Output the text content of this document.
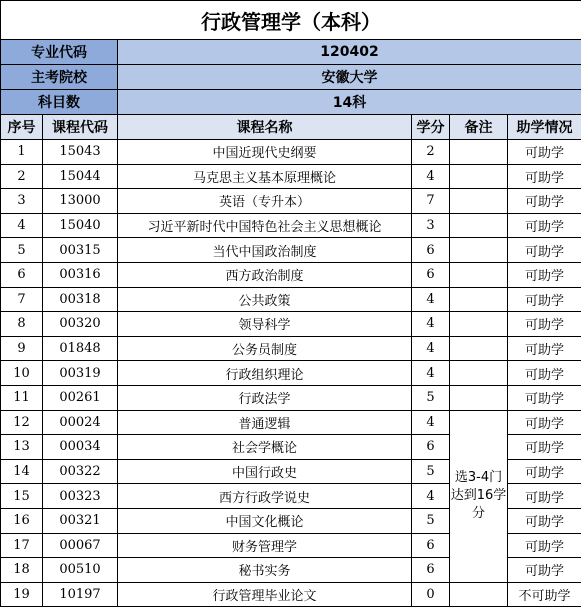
行政管理学（本科）					
专业代码		120402			
主考院校		安徽大学			
科目数		14科			
序号	课程代码	课程名称	学分	备注	助学情况
1	15043	中国近现代史纲要	2		可助学
2	15044	马克思主义基本原理概论	4		可助学
3	13000	英语（专升本）	7		可助学
4	15040	习近平新时代中国特色社会主义思想概论	3		可助学
5	00315	当代中国政治制度	6		可助学
6	00316	西方政治制度	6		可助学
7	00318	公共政策	4		可助学
8	00320	领导科学	4		可助学
9	01848	公务员制度	4		可助学
10	00319	行政组织理论	4		可助学
11	00261	行政法学	5		可助学
12	00024	普通逻辑	4	选3-4门达到16学分	可助学
13	00034	社会学概论	6		可助学
14	00322	中国行政史	5		可助学
15	00323	西方行政学说史	4		可助学
16	00321	中国文化概论	5		可助学
17	00067	财务管理学	6		可助学
18	00510	秘书实务	6		可助学
19	10197	行政管理毕业论文	0		不可助学
